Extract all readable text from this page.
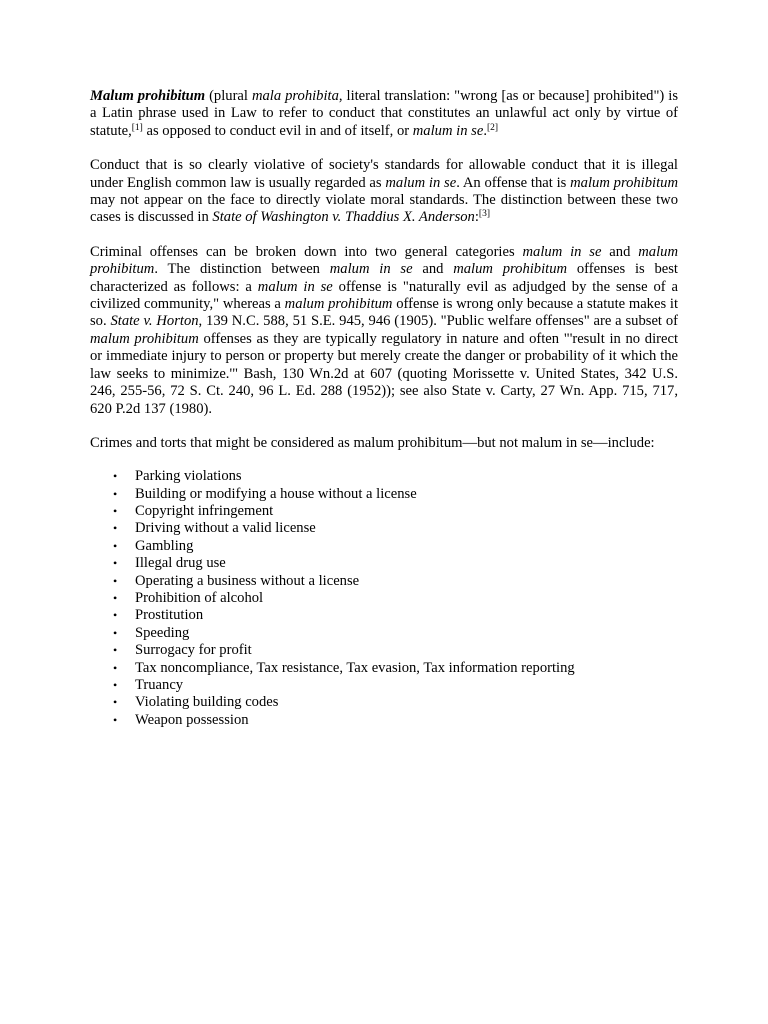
Malum prohibitum (plural mala prohibita, literal translation: "wrong [as or because] prohibited") is a Latin phrase used in Law to refer to conduct that constitutes an unlawful act only by virtue of statute,[1] as opposed to conduct evil in and of itself, or malum in se.[2]

Conduct that is so clearly violative of society's standards for allowable conduct that it is illegal under English common law is usually regarded as malum in se. An offense that is malum prohibitum may not appear on the face to directly violate moral standards. The distinction between these two cases is discussed in State of Washington v. Thaddius X. Anderson:[3]

Criminal offenses can be broken down into two general categories malum in se and malum prohibitum. The distinction between malum in se and malum prohibitum offenses is best characterized as follows: a malum in se offense is "naturally evil as adjudged by the sense of a civilized community," whereas a malum prohibitum offense is wrong only because a statute makes it so. State v. Horton, 139 N.C. 588, 51 S.E. 945, 946 (1905). "Public welfare offenses" are a subset of malum prohibitum offenses as they are typically regulatory in nature and often "'result in no direct or immediate injury to person or property but merely create the danger or probability of it which the law seeks to minimize.'" Bash, 130 Wn.2d at 607 (quoting Morissette v. United States, 342 U.S. 246, 255-56, 72 S. Ct. 240, 96 L. Ed. 288 (1952)); see also State v. Carty, 27 Wn. App. 715, 717, 620 P.2d 137 (1980).

Crimes and torts that might be considered as malum prohibitum—but not malum in se—include:

• Parking violations
• Building or modifying a house without a license
• Copyright infringement
• Driving without a valid license
• Gambling
• Illegal drug use
• Operating a business without a license
• Prohibition of alcohol
• Prostitution
• Speeding
• Surrogacy for profit
• Tax noncompliance, Tax resistance, Tax evasion, Tax information reporting
• Truancy
• Violating building codes
• Weapon possession
